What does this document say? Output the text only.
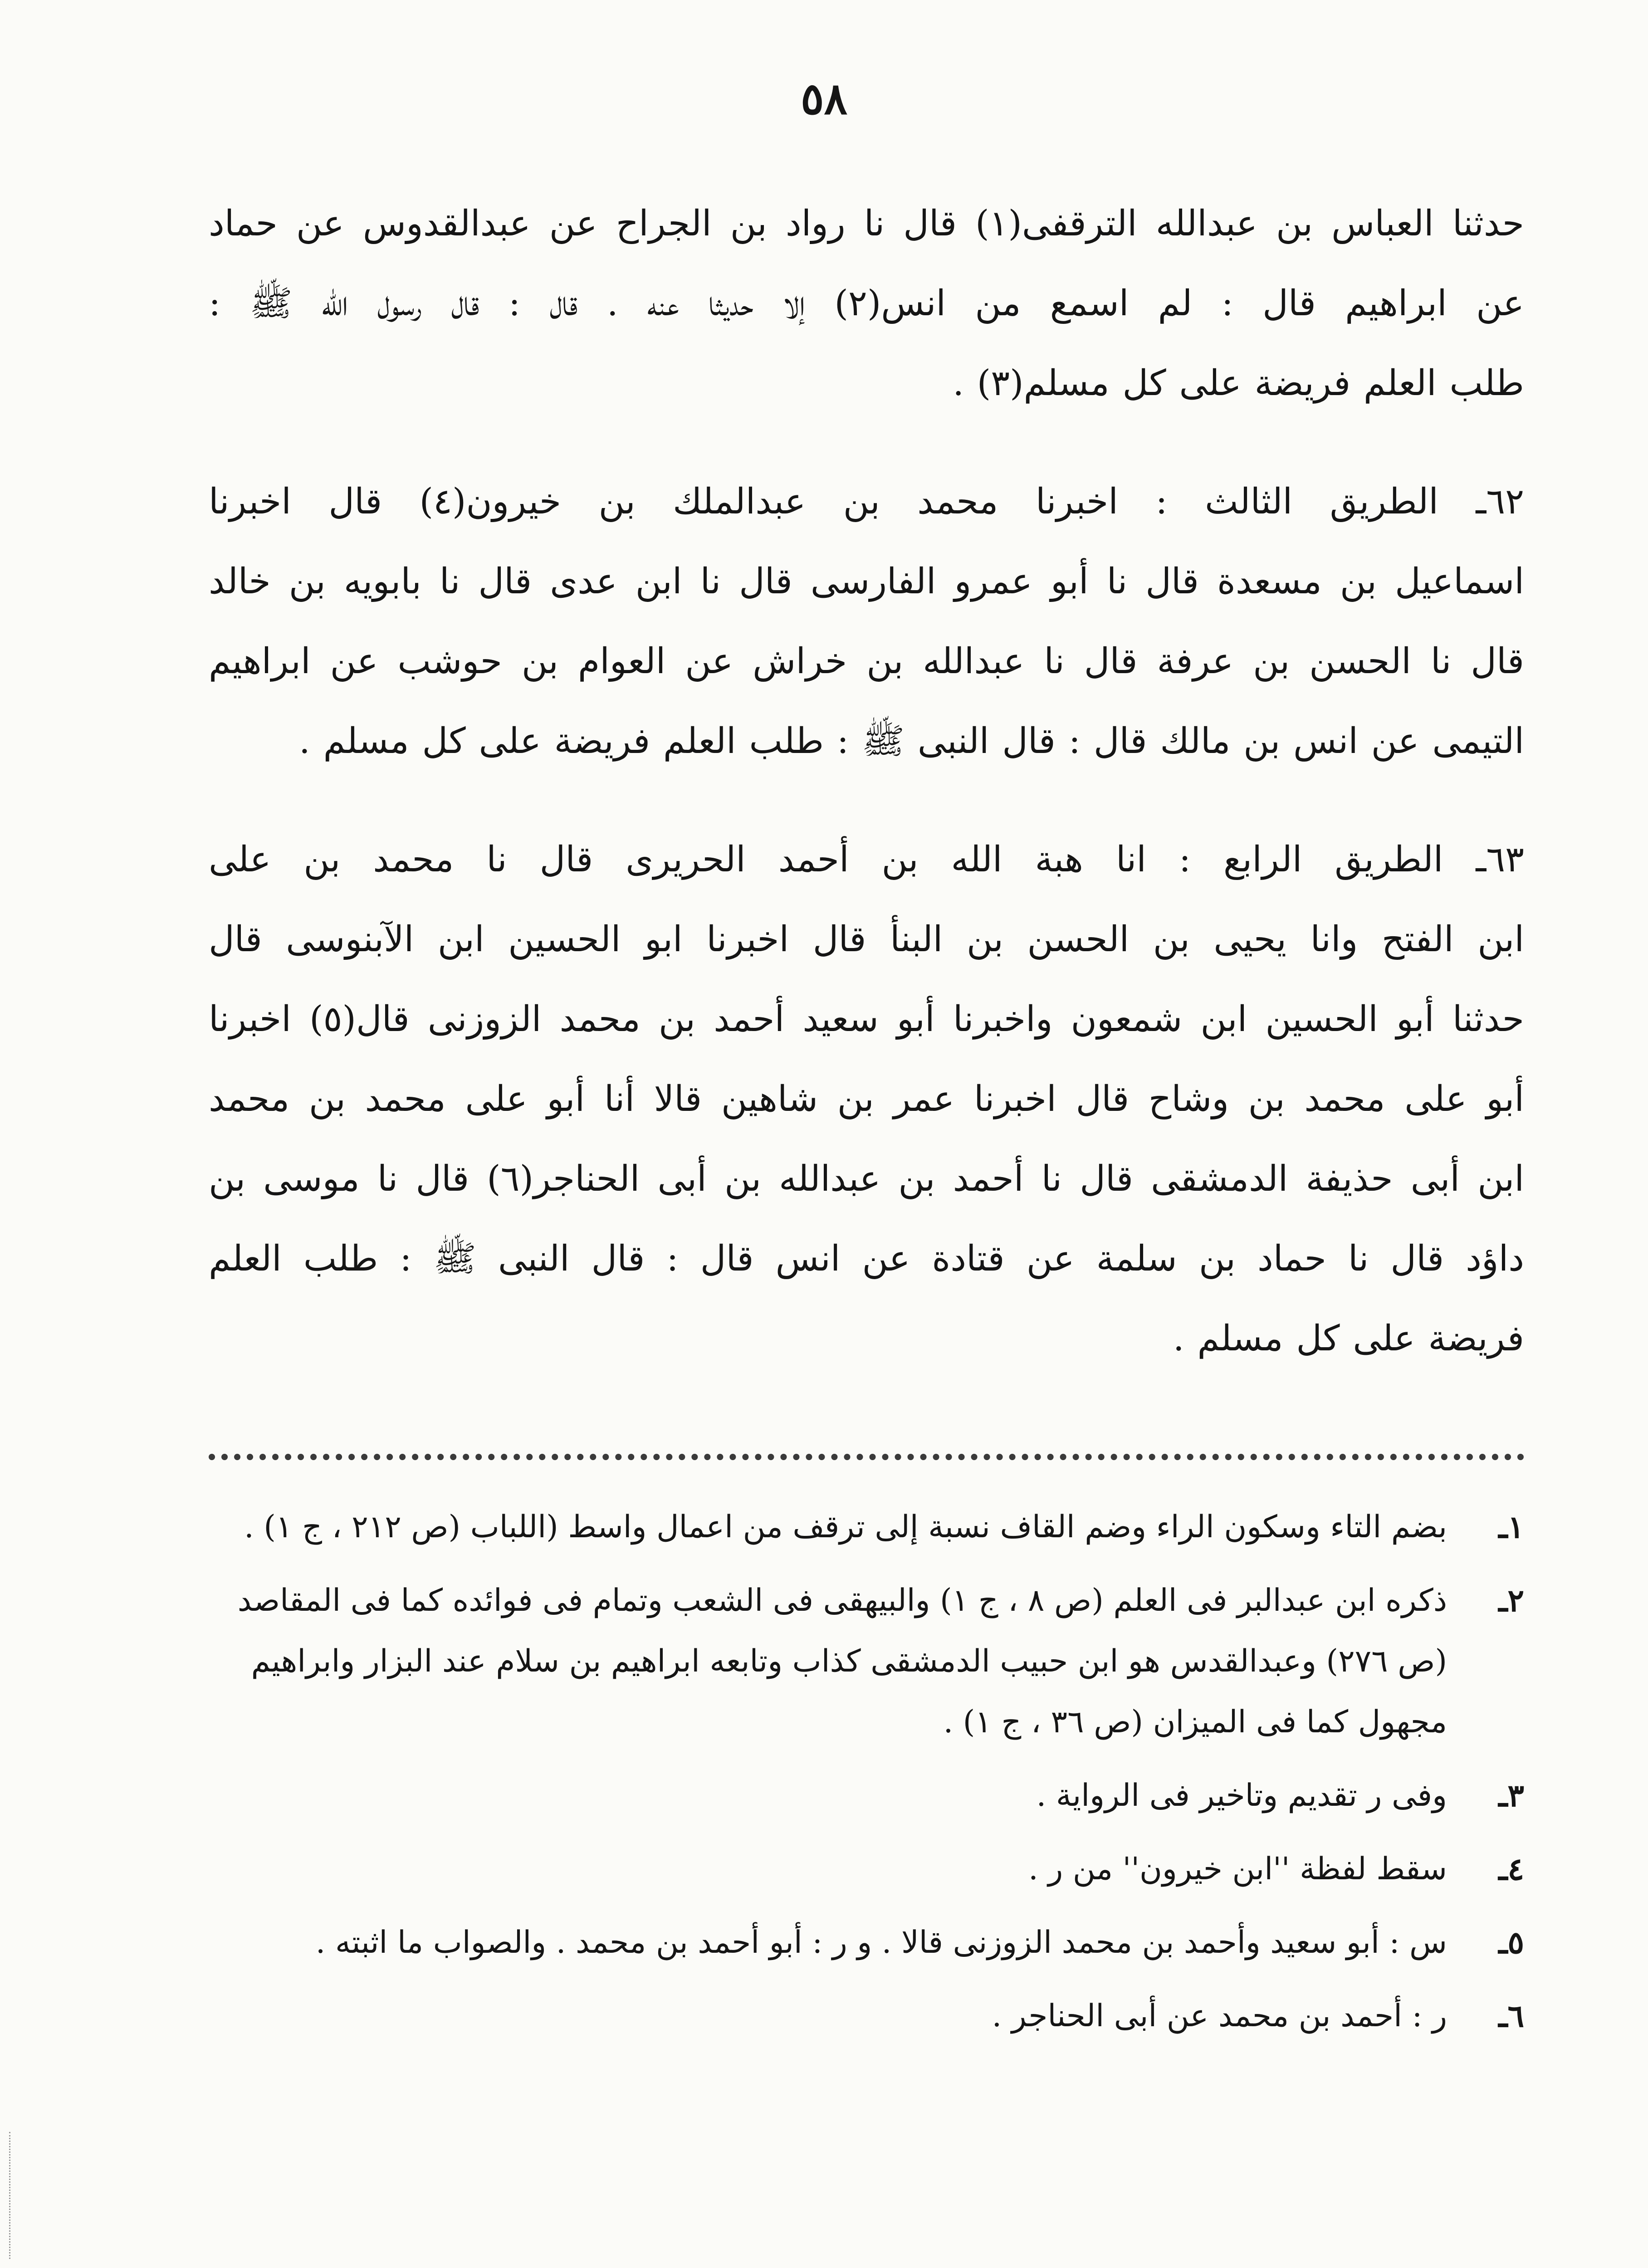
٥٨

حدثنا العباس بن عبدالله الترقفى(١) قال نا رواد بن الجراح عن عبدالقدوس عن حماد
عن ابراهيم قال : لم اسمع من انس(٢) إلا حديثا عنه . قال : قال رسول الله ﷺ :
طلب العلم فريضة على كل مسلم(٣) .

٦٢ـ الطريق الثالث : اخبرنا محمد بن عبدالملك بن خيرون(٤) قال اخبرنا
اسماعيل بن مسعدة قال نا أبو عمرو الفارسى قال نا ابن عدى قال نا بابويه بن خالد
قال نا الحسن بن عرفة قال نا عبدالله بن خراش عن العوام بن حوشب عن ابراهيم
التيمى عن انس بن مالك قال : قال النبى ﷺ : طلب العلم فريضة على كل مسلم .

٦٣ـ الطريق الرابع : انا هبة الله بن أحمد الحريرى قال نا محمد بن على
ابن الفتح وانا يحيى بن الحسن بن البنأ قال اخبرنا ابو الحسين ابن الآبنوسى قال
حدثنا أبو الحسين ابن شمعون واخبرنا أبو سعيد أحمد بن محمد الزوزنى قال(٥) اخبرنا
أبو على محمد بن وشاح قال اخبرنا عمر بن شاهين قالا أنا أبو على محمد بن محمد
ابن أبى حذيفة الدمشقى قال نا أحمد بن عبدالله بن أبى الحناجر(٦) قال نا موسى بن
داؤد قال نا حماد بن سلمة عن قتادة عن انس قال : قال النبى ﷺ : طلب العلم
فريضة على كل مسلم .

١ـ
بضم التاء وسكون الراء وضم القاف نسبة إلى ترقف من اعمال واسط (اللباب (ص ٢١٢ ، ج ١) .
٢ـ
ذكره ابن عبدالبر فى العلم (ص ٨ ، ج ١) والبيهقى فى الشعب وتمام فى فوائده كما فى المقاصد (ص ٢٧٦) وعبدالقدس هو ابن حبيب الدمشقى كذاب وتابعه ابراهيم بن سلام عند البزار وابراهيم مجهول كما فى الميزان (ص ٣٦ ، ج ١) .
٣ـ
وفى ر تقديم وتاخير فى الرواية .
٤ـ
سقط لفظة ''ابن خيرون'' من ر .
٥ـ
س : أبو سعيد وأحمد بن محمد الزوزنى قالا . و ر : أبو أحمد بن محمد . والصواب ما اثبته .
٦ـ
ر : أحمد بن محمد عن أبى الحناجر .
